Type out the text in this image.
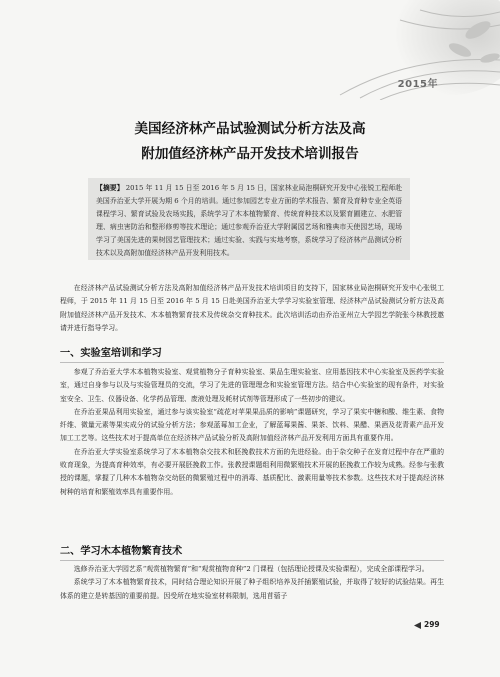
2015年
美国经济林产品试验测试分析方法及高
附加值经济林产品开发技术培训报告
【摘要】 2015 年 11 月 15 日至 2016 年 5 月 15 日，国家林业局泡桐研究开发中心张锐工程师赴美国乔治亚大学开展为期 6 个月的培训。通过参加园艺专业方面的学术报告、繁育及育种专业全英语课程学习、繁育试验及农场实践，系统学习了木本植物繁育、传统育种技术以及繁育圃建立、水肥管理、病虫害防治和整形修剪等技术理论；通过参观乔治亚大学附属园艺场和雅典市天使园艺场，现场学习了美国先进的果树园艺管理技术；通过实验、实践与实地考察，系统学习了经济林产品测试分析技术以及高附加值经济林产品开发利用技术。

在经济林产品试验测试分析方法及高附加值经济林产品开发技术培训项目的支持下，国家林业局泡桐研究开发中心张锐工程师，于 2015 年 11 月 15 日至 2016 年 5 月 15 日赴美国乔治亚大学学习实验室管理、经济林产品试验测试分析方法及高附加值经济林产品开发技术、木本植物繁育技术及传统杂交育种技术。此次培训活动由乔治亚州立大学园艺学院张今林教授邀请并进行指导学习。

一、实验室培训和学习

参观了乔治亚大学木本植物实验室、观赏植物分子育种实验室、果品生理实验室、应用基因技术中心实验室及医药学实验室，通过自身参与以及与实验管理员的交流，学习了先进的管理理念和实验室管理方法。结合中心实验室的现有条件，对实验室安全、卫生、仪器设备、化学药品管理、废液处理及耗材试剂等管理形成了一些初步的建议。

在乔治亚果品利用实验室，通过参与该实验室“疏花对苹果果品质的影响”课题研究，学习了果实中糖和酸、维生素、食物纤维、微量元素等果实成分的试验分析方法；参观蓝莓加工企业，了解蓝莓果酱、果茶、饮料、果醋、果酒及花青素产品开发加工工艺等。这些技术对于提高单位在经济林产品试验分析及高附加值经济林产品开发利用方面具有重要作用。

在乔治亚大学实验室系统学习了木本植物杂交技术和胚挽救技术方面的先进经验。由于杂交种子在发育过程中存在严重的败育现象，为提高育种效率，有必要开展胚挽救工作。张教授课题组利用微繁殖技术开展的胚挽救工作较为成熟。经参与张教授的课题，掌握了几种木本植物杂交幼胚的微繁殖过程中的消毒、基质配比、激素用量等技术参数。这些技术对于提高经济林树种的培育和繁殖效率具有重要作用。

二、学习木本植物繁育技术

选修乔治亚大学园艺系“观赏植物繁育”和“观赏植物育种”2 门课程（包括理论授课及实验课程），完成全部课程学习。

系统学习了木本植物繁育技术，同时结合理论知识开展了种子组织培养及扦插繁殖试验，并取得了较好的试验结果。再生体系的建立是转基因的重要前提。因受所在地实验室材料限制，选用苜蓿子

299
